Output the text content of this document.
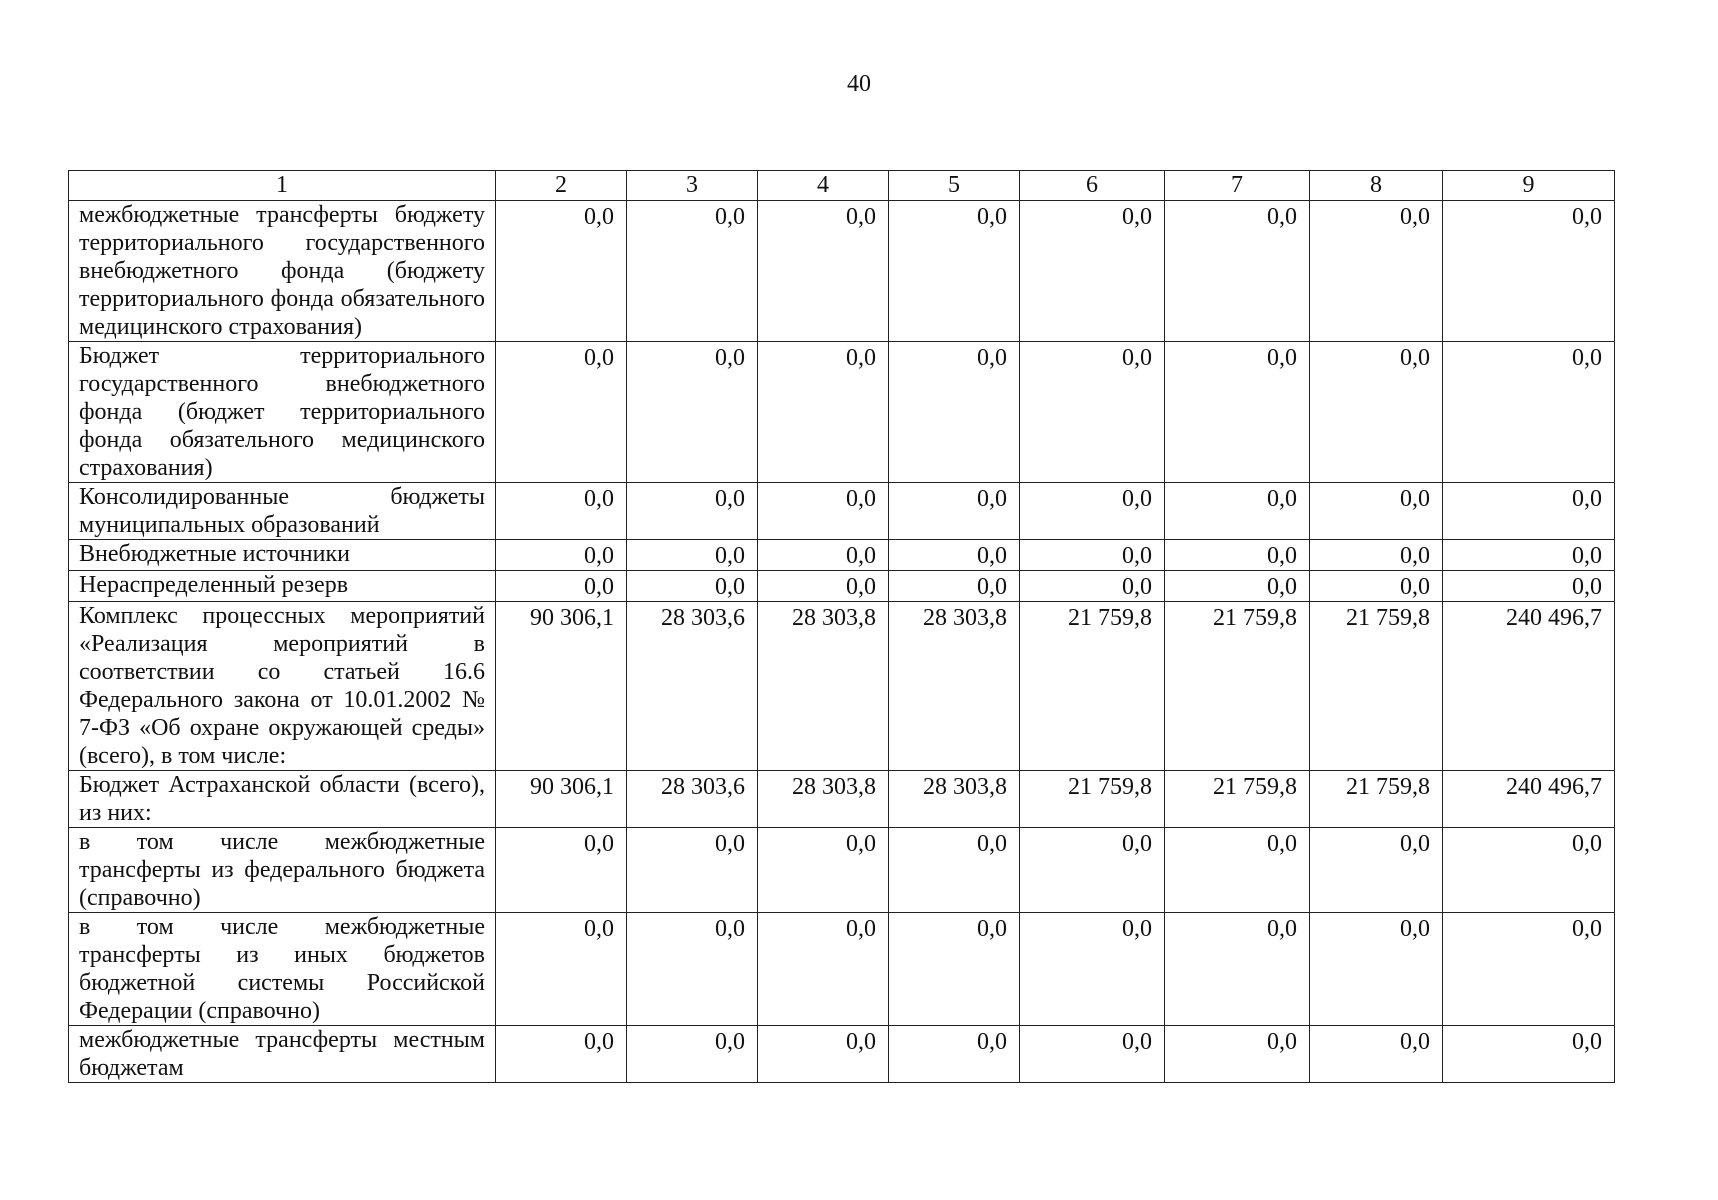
40
1	2	3	4	5	6	7	8	9
межбюджетные трансферты бюджету территориального государственного внебюджетного фонда (бюджету территориального фонда обязательного медицинского страхования)	0,0	0,0	0,0	0,0	0,0	0,0	0,0	0,0
Бюджет территориального государственного внебюджетного фонда (бюджет территориального фонда обязательного медицинского страхования)	0,0	0,0	0,0	0,0	0,0	0,0	0,0	0,0
Консолидированные бюджеты муниципальных образований	0,0	0,0	0,0	0,0	0,0	0,0	0,0	0,0
Внебюджетные источники	0,0	0,0	0,0	0,0	0,0	0,0	0,0	0,0
Нераспределенный резерв	0,0	0,0	0,0	0,0	0,0	0,0	0,0	0,0
Комплекс процессных мероприятий «Реализация мероприятий в соответствии со статьей 16.6 Федерального закона от 10.01.2002 № 7-ФЗ «Об охране окружающей среды» (всего), в том числе:	90 306,1	28 303,6	28 303,8	28 303,8	21 759,8	21 759,8	21 759,8	240 496,7
Бюджет Астраханской области (всего), из них:	90 306,1	28 303,6	28 303,8	28 303,8	21 759,8	21 759,8	21 759,8	240 496,7
в том числе межбюджетные трансферты из федерального бюджета (справочно)	0,0	0,0	0,0	0,0	0,0	0,0	0,0	0,0
в том числе межбюджетные трансферты из иных бюджетов бюджетной системы Российской Федерации (справочно)	0,0	0,0	0,0	0,0	0,0	0,0	0,0	0,0
межбюджетные трансферты местным бюджетам	0,0	0,0	0,0	0,0	0,0	0,0	0,0	0,0
